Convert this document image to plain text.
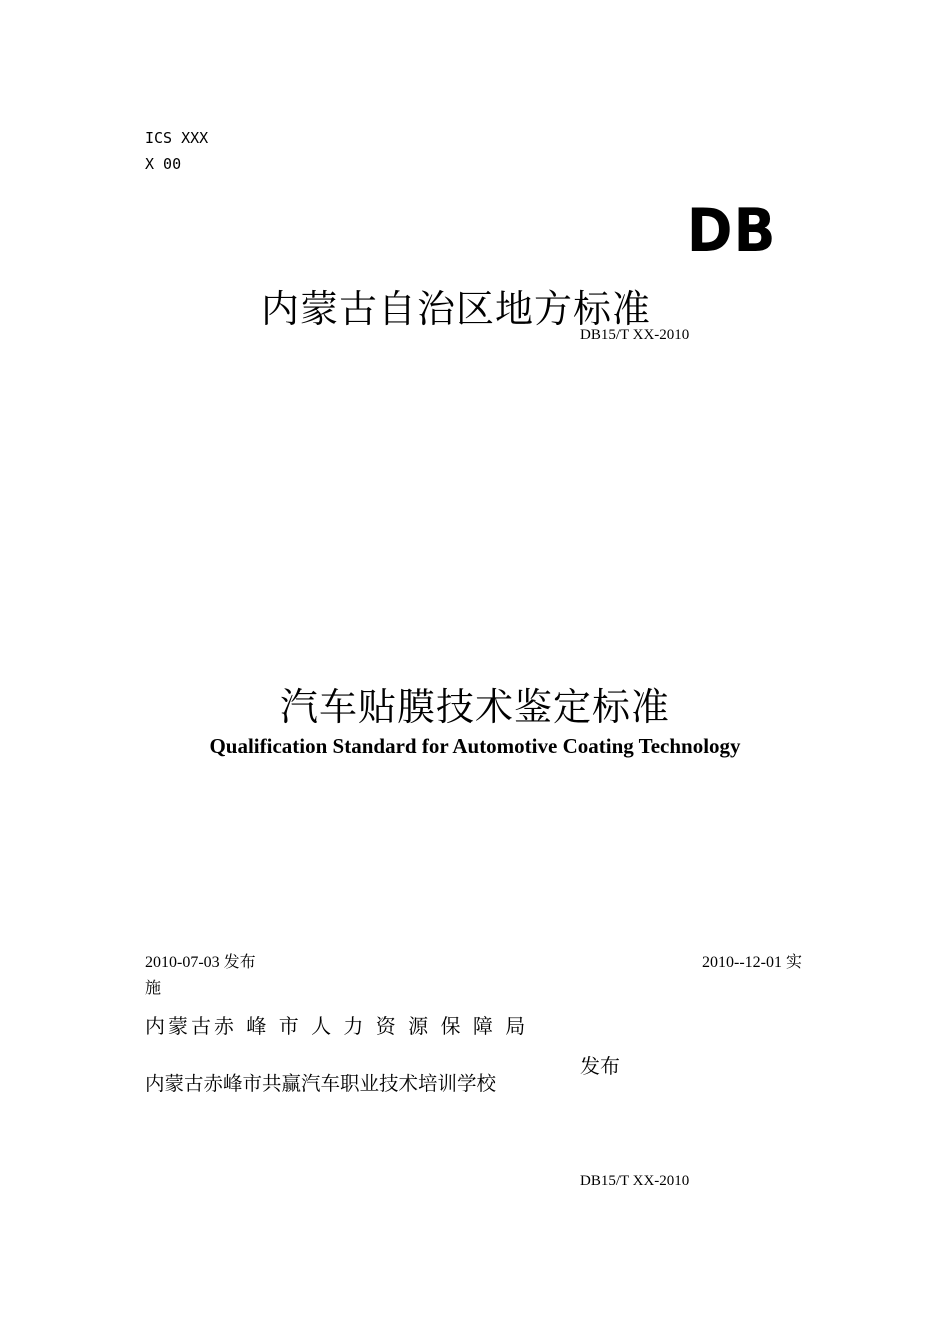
ICS XXX
X 00
DB
内蒙古自治区地方标准
DB15/T XX-2010
汽车贴膜技术鉴定标准
Qualification Standard for Automotive Coating Technology
2010-07-03 发布	2010--12-01 实
施
内蒙古赤 峰 市 人 力 资 源 保 障 局
内蒙古赤峰市共赢汽车职业技术培训学校
发布
DB15/T XX-2010
